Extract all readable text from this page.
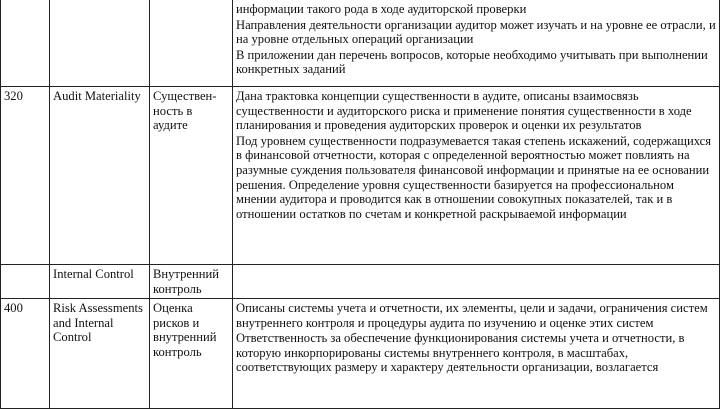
			информации такого рода в ходе аудиторской проверки
Направления деятельности организации аудитор может изучать и на уровне ее отрасли, и на уровне отдельных операций организации
В приложении дан перечень вопросов, которые необходимо учитывать при выполнении конкретных заданий

320	Audit Materiality	Существенность в аудите	Дана трактовка концепции существенности в аудите, описаны взаимосвязь существенности и аудиторского риска и применение понятия существенности в ходе планирования и проведения аудиторских проверок и оценки их результатов
Под уровнем существенности подразумевается такая степень искажений, содержащихся в финансовой отчетности, которая с определенной вероятностью может повлиять на разумные суждения пользователя финансовой информации и принятые на ее основании решения. Определение уровня существенности базируется на профессиональном мнении аудитора и проводится как в отношении совокупных показателей, так и в отношении остатков по счетам и конкретной раскрываемой информации

	Internal Control	Внутренний контроль	
400	Risk Assessments and Internal Control	Оценка рисков и внутренний контроль	Описаны системы учета и отчетности, их элементы, цели и задачи, ограничения систем внутреннего контроля и процедуры аудита по изучению и оценке этих систем
Ответственность за обеспечение функционирования системы учета и отчетности, в которую инкорпорированы системы внутреннего контроля, в масштабах, соответствующих размеру и характеру деятельности организации, возлагается
